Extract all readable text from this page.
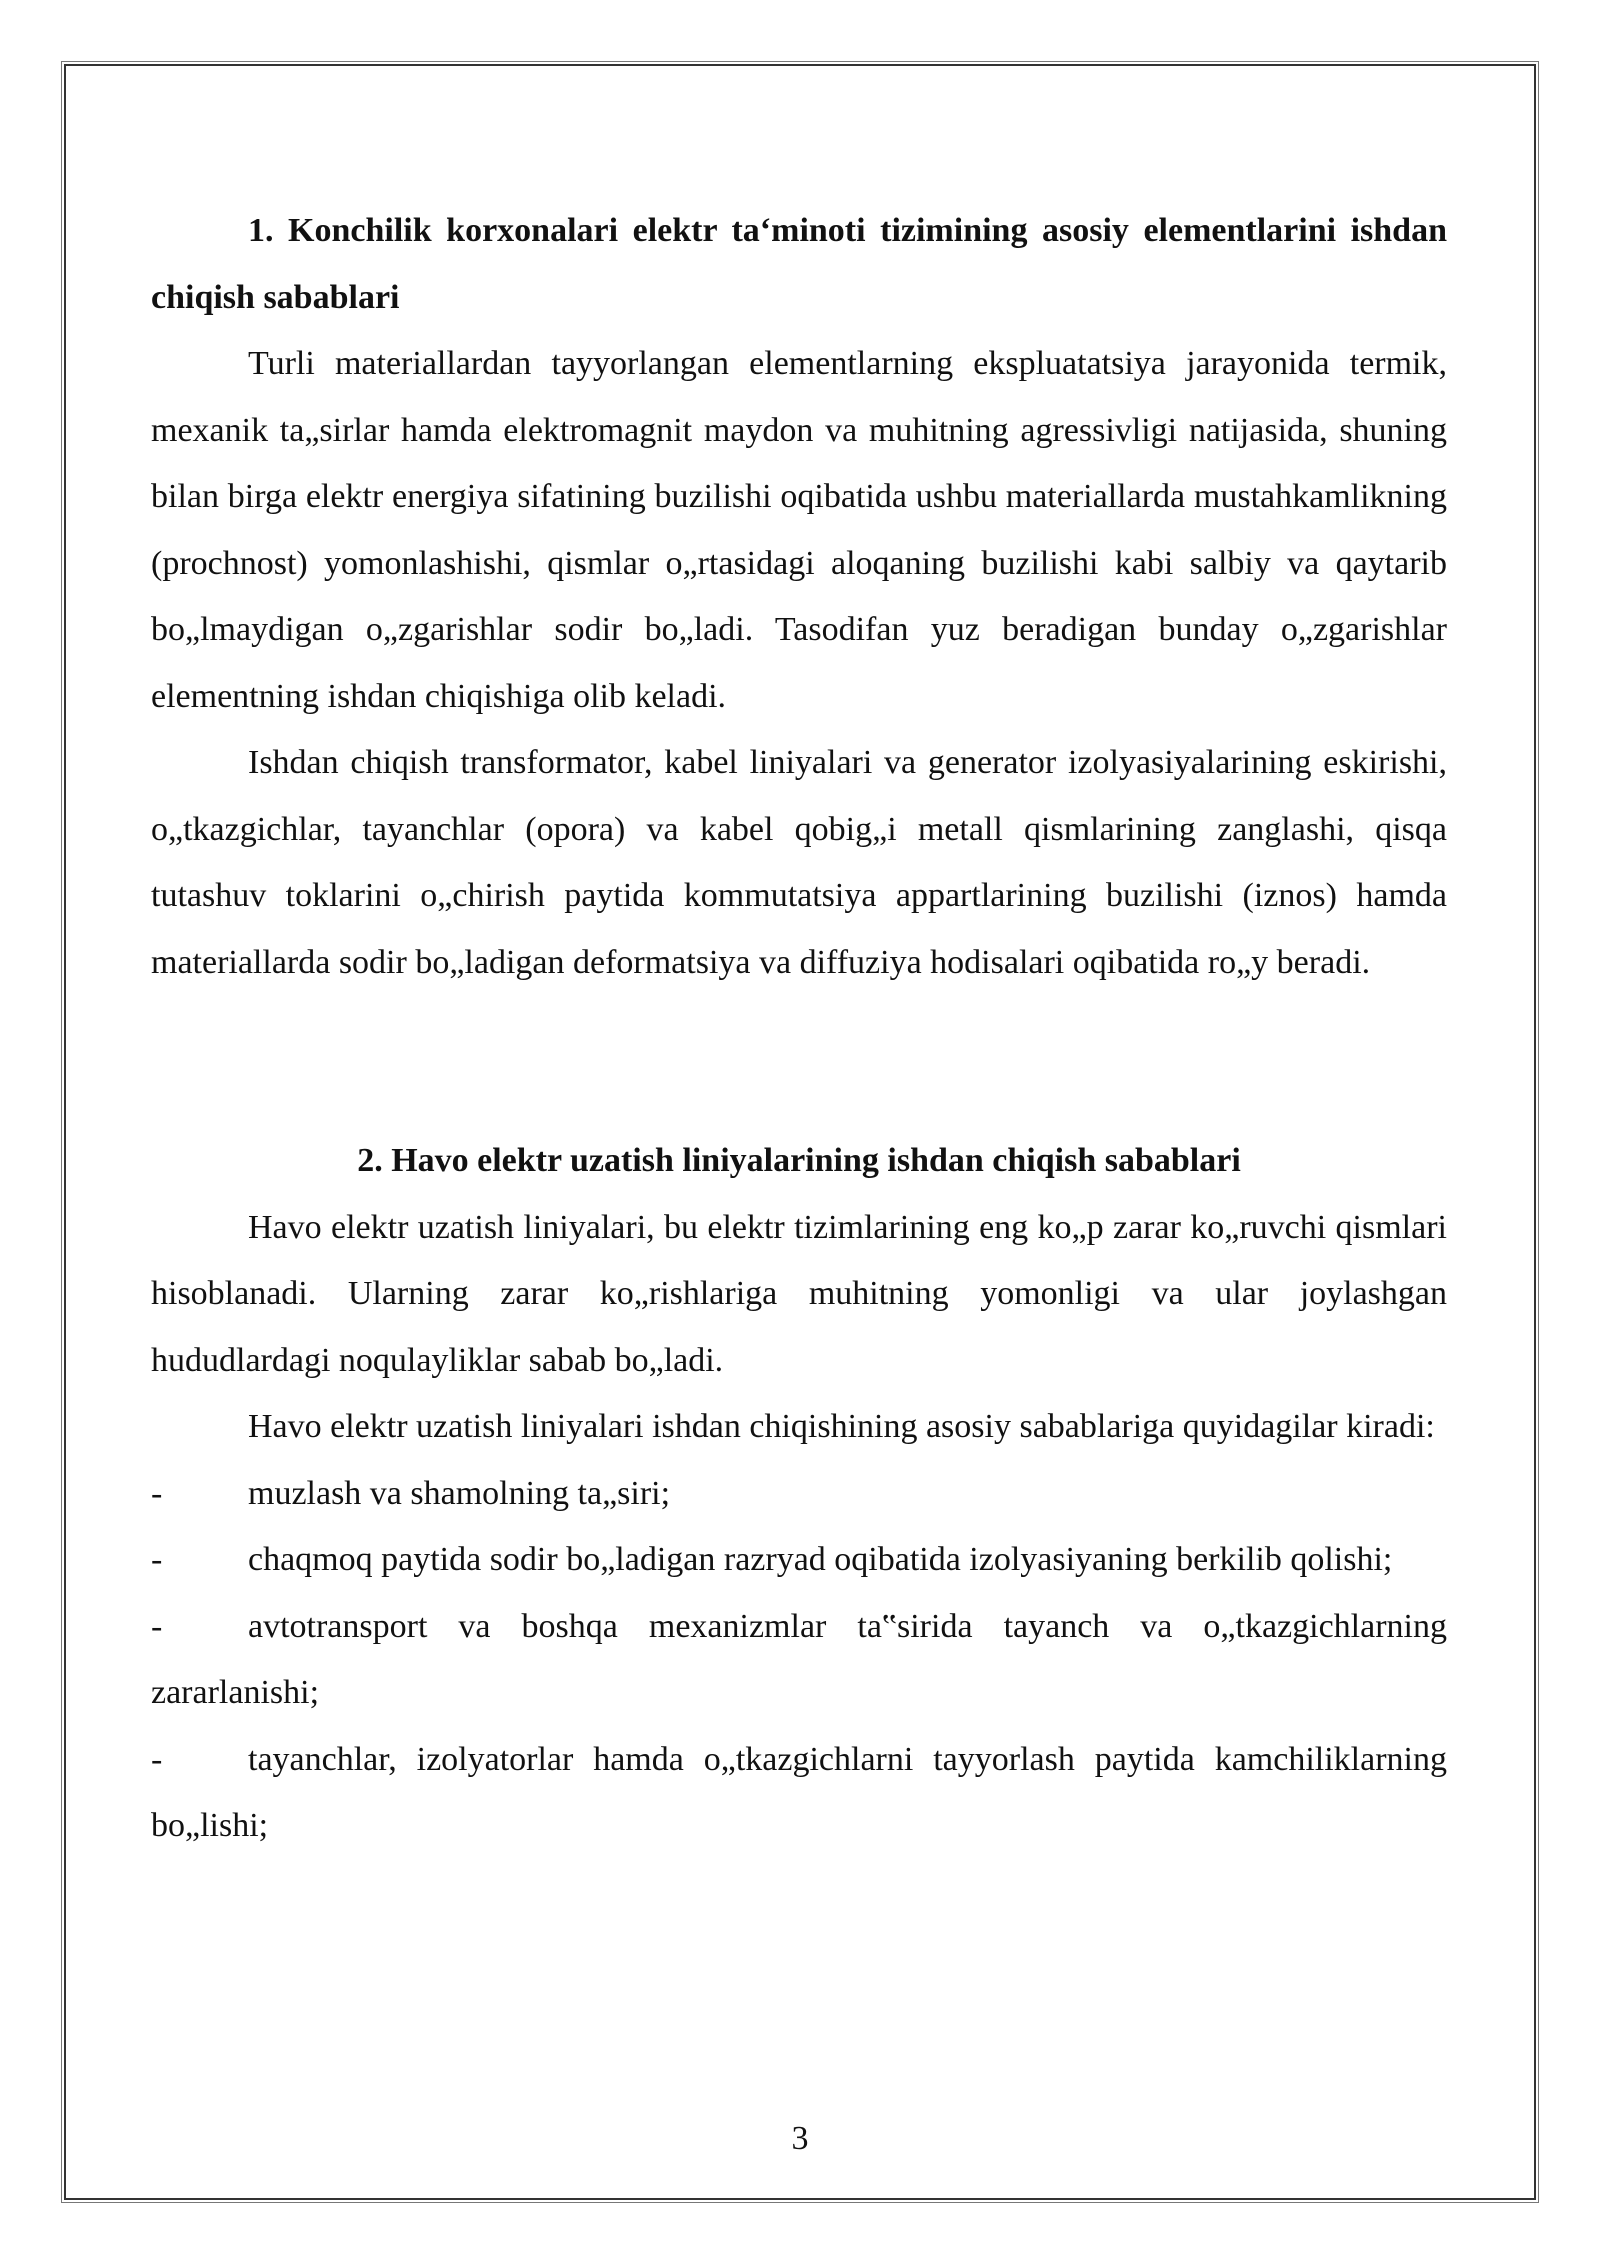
1. Konchilik korxonalari elektr taʻminoti tizimining asosiy elementlarini ishdan chiqish sabablari

Turli materiallardan tayyorlangan elementlarning ekspluatatsiya jarayonida termik, mexanik ta„sirlar hamda elektromagnit maydon va muhitning agressivligi natijasida, shuning bilan birga elektr energiya sifatining buzilishi oqibatida ushbu materiallarda mustahkamlikning (prochnost) yomonlashishi, qismlar o„rtasidagi aloqaning buzilishi kabi salbiy va qaytarib bo„lmaydigan o„zgarishlar sodir bo„ladi. Tasodifan yuz beradigan bunday o„zgarishlar elementning ishdan chiqishiga olib keladi.

Ishdan chiqish transformator, kabel liniyalari va generator izolyasiyalarining eskirishi, o„tkazgichlar, tayanchlar (opora) va kabel qobig„i metall qismlarining zanglashi, qisqa tutashuv toklarini o„chirish paytida kommutatsiya appartlarining buzilishi (iznos) hamda materiallarda sodir bo„ladigan deformatsiya va diffuziya hodisalari oqibatida ro„y beradi.

2. Havo elektr uzatish liniyalarining ishdan chiqish sabablari

Havo elektr uzatish liniyalari, bu elektr tizimlarining eng ko„p zarar ko„ruvchi qismlari hisoblanadi. Ularning zarar ko„rishlariga muhitning yomonligi va ular joylashgan hududlardagi noqulayliklar sabab bo„ladi.

Havo elektr uzatish liniyalari ishdan chiqishining asosiy sabablariga quyidagilar kiradi:

-	muzlash va shamolning ta„siri;
-	chaqmoq paytida sodir bo„ladigan razryad oqibatida izolyasiyaning berkilib qolishi;
-	avtotransport va boshqa mexanizmlar ta‟sirida tayanch va o„tkazgichlarning zararlanishi;
-	tayanchlar, izolyatorlar hamda o„tkazgichlarni tayyorlash paytida kamchiliklarning bo„lishi;
3
